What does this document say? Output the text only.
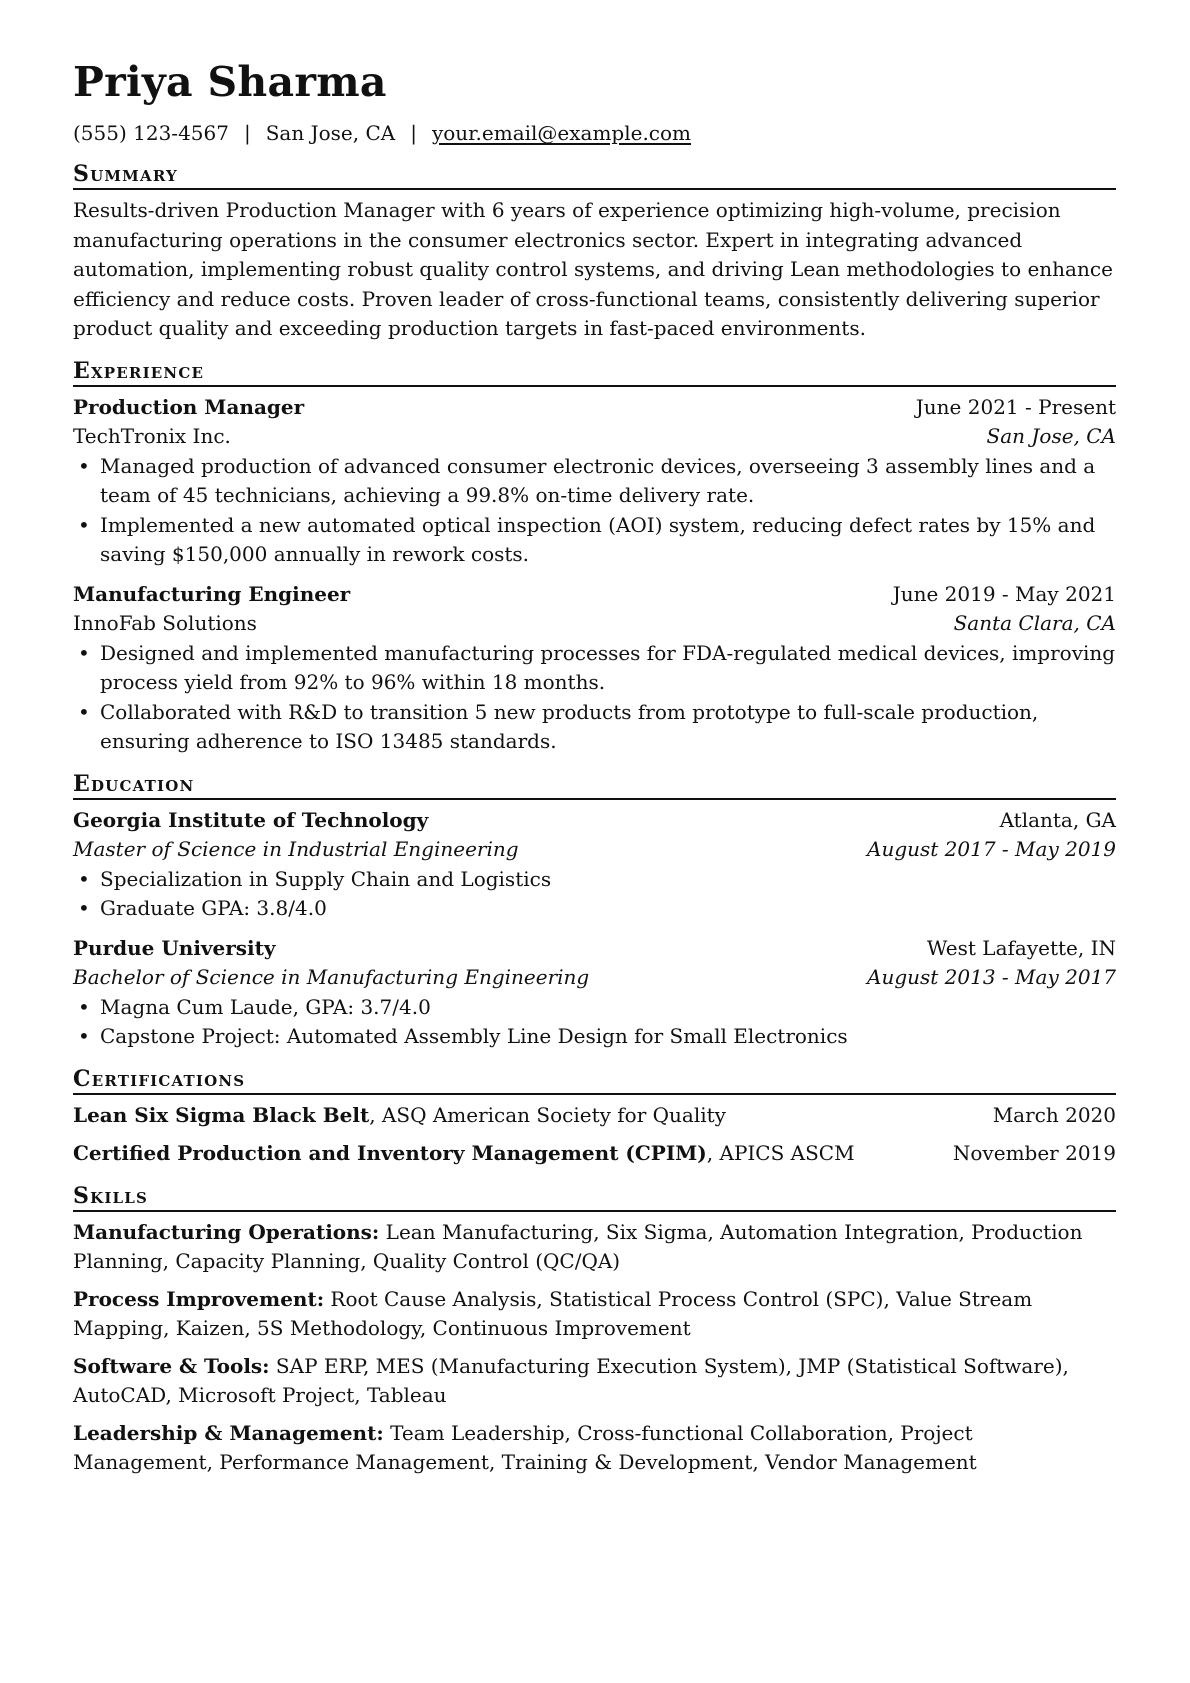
Priya Sharma
(555) 123-4567 | San Jose, CA | your.email@example.com
Summary

Results-driven Production Manager with 6 years of experience optimizing high-volume, precision manufacturing operations in the consumer electronics sector. Expert in integrating advanced automation, implementing robust quality control systems, and driving Lean methodologies to enhance efficiency and reduce costs. Proven leader of cross-functional teams, consistently delivering superior product quality and exceeding production targets in fast-paced environments.

Experience
Production Manager	June 2021 - Present
TechTronix Inc.	San Jose, CA
• Managed production of advanced consumer electronic devices, overseeing 3 assembly lines and a team of 45 technicians, achieving a 99.8% on-time delivery rate.
• Implemented a new automated optical inspection (AOI) system, reducing defect rates by 15% and saving $150,000 annually in rework costs.
Manufacturing Engineer	June 2019 - May 2021
InnoFab Solutions	Santa Clara, CA
• Designed and implemented manufacturing processes for FDA-regulated medical devices, improving process yield from 92% to 96% within 18 months.
• Collaborated with R&D to transition 5 new products from prototype to full-scale production, ensuring adherence to ISO 13485 standards.
Education
Georgia Institute of Technology	Atlanta, GA
Master of Science in Industrial Engineering	August 2017 - May 2019
• Specialization in Supply Chain and Logistics
• Graduate GPA: 3.8/4.0
Purdue University	West Lafayette, IN
Bachelor of Science in Manufacturing Engineering	August 2013 - May 2017
• Magna Cum Laude, GPA: 3.7/4.0
• Capstone Project: Automated Assembly Line Design for Small Electronics
Certifications
Lean Six Sigma Black Belt, ASQ American Society for Quality	March 2020
Certified Production and Inventory Management (CPIM), APICS ASCM	November 2019
Skills

Manufacturing Operations: Lean Manufacturing, Six Sigma, Automation Integration, Production Planning, Capacity Planning, Quality Control (QC/QA)

Process Improvement: Root Cause Analysis, Statistical Process Control (SPC), Value Stream Mapping, Kaizen, 5S Methodology, Continuous Improvement

Software & Tools: SAP ERP, MES (Manufacturing Execution System), JMP (Statistical Software), AutoCAD, Microsoft Project, Tableau

Leadership & Management: Team Leadership, Cross-functional Collaboration, Project Management, Performance Management, Training & Development, Vendor Management
